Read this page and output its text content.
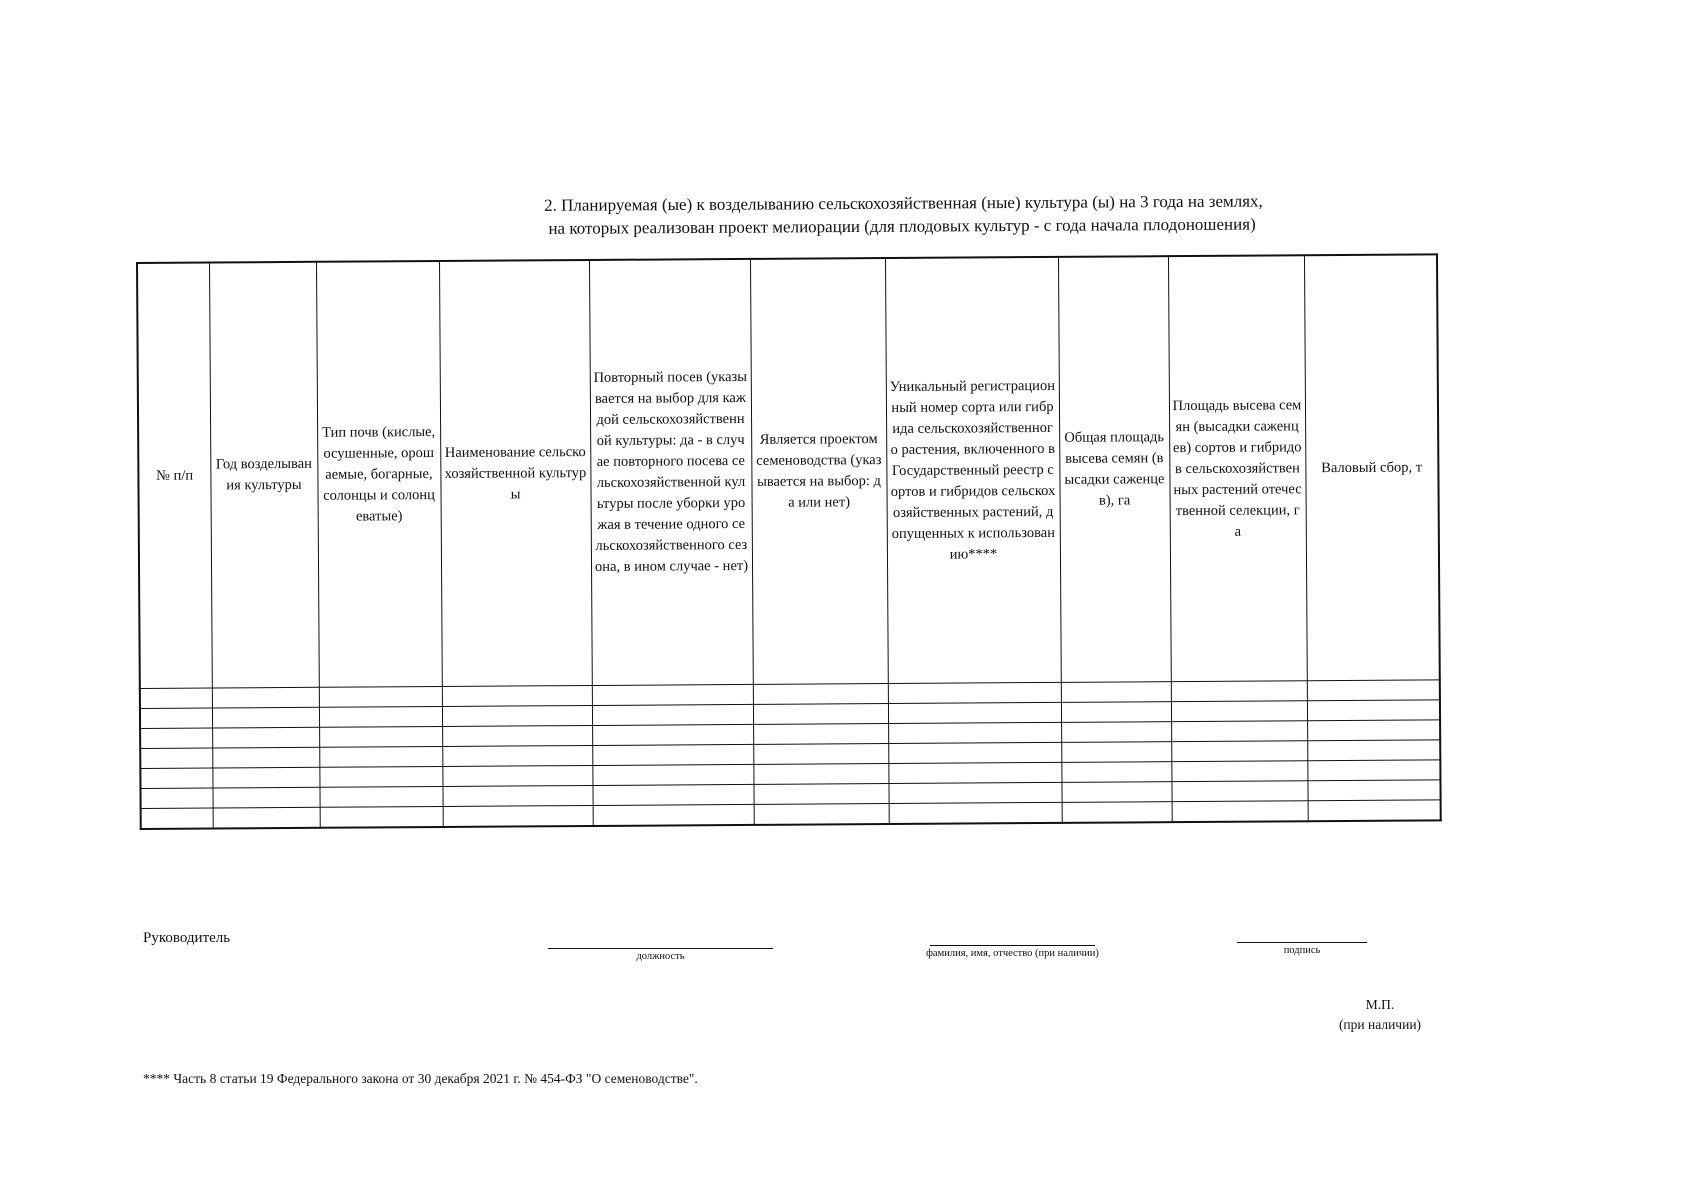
2. Планируемая (ые) к возделыванию сельскохозяйственная (ные) культура (ы) на 3 года на землях,
на которых реализован проект мелиорации (для плодовых культур - с года начала плодоношения)
№ п/п	Год возделывания культуры	Тип почв (кислые, осушенные, орошаемые, богарные, солонцы и солонцеватые)	Наименование сельскохозяйственной культуры	Повторный посев (указывается на выбор для каждой сельскохозяйственной культуры: да - в случае повторного посева сельскохозяйственной культуры после уборки урожая в течение одного сельскохозяйственного сезона, в ином случае - нет)	Является проектом семеноводства (указывается на выбор: да или нет)	Уникальный регистрационный номер сорта или гибрида сельскохозяйственного растения, включенного в Государственный реестр сортов и гибридов сельскохозяйственных растений, допущенных к использованию****	Общая площадь высева семян (высадки саженцев), га	Площадь высева семян (высадки саженцев) сортов и гибридов сельскохозяйственных растений отечественной селекции, га	Валовый сбор, т

Руководитель
должность	фамилия, имя, отчество (при наличии)	подпись
М.П.
(при наличии)
**** Часть 8 статьи 19 Федерального закона от 30 декабря 2021 г. № 454-ФЗ "О семеноводстве".
